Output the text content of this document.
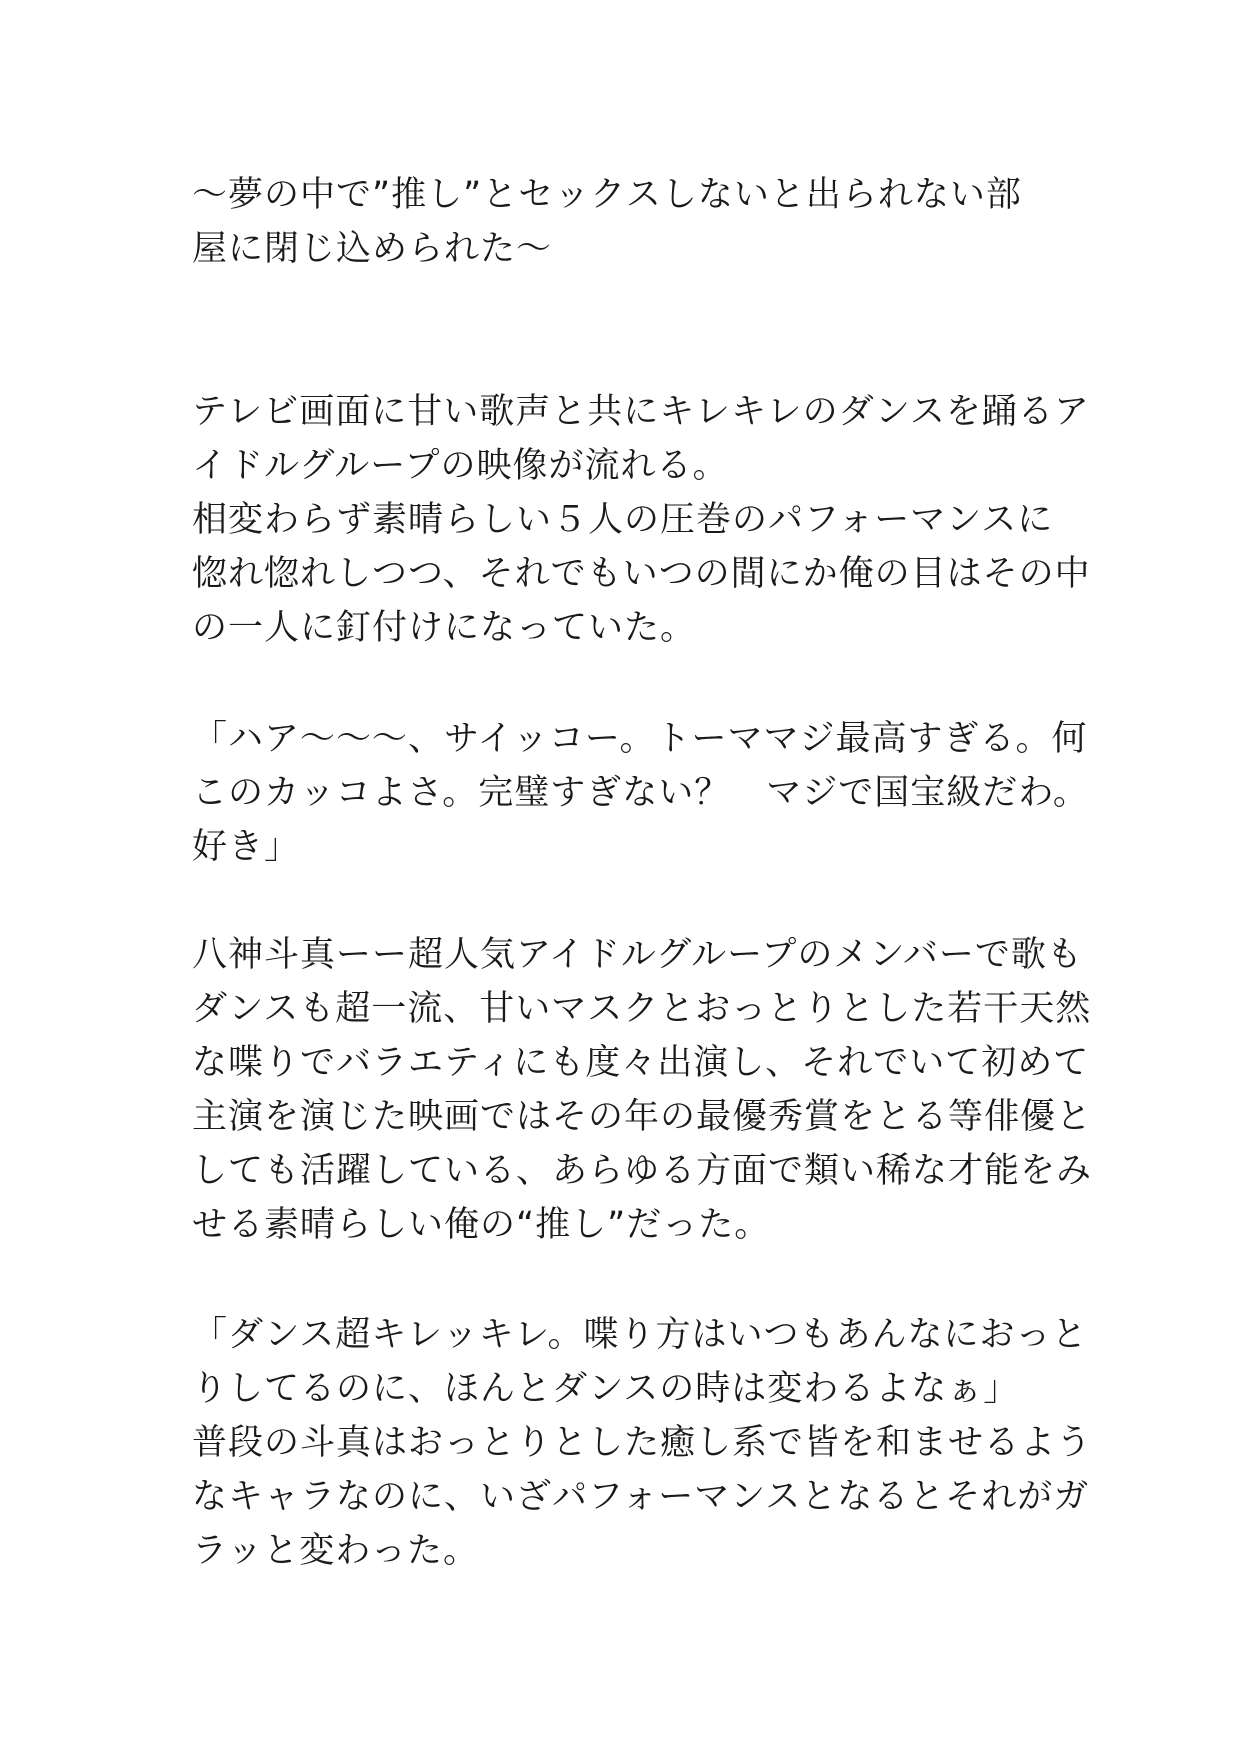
〜夢の中で”推し”とセックスしないと出られない部
屋に閉じ込められた〜
テレビ画面に甘い歌声と共にキレキレのダンスを踊るア
イドルグループの映像が流れる。
相変わらず素晴らしい５人の圧巻のパフォーマンスに
惚れ惚れしつつ、それでもいつの間にか俺の目はその中
の一人に釘付けになっていた。
「ハア〜〜〜、サイッコー。トーママジ最高すぎる。何
このカッコよさ。完璧すぎない？　マジで国宝級だわ。
好き」
八神斗真ーー超人気アイドルグループのメンバーで歌も
ダンスも超一流、甘いマスクとおっとりとした若干天然
な喋りでバラエティにも度々出演し、それでいて初めて
主演を演じた映画ではその年の最優秀賞をとる等俳優と
しても活躍している、あらゆる方面で類い稀な才能をみ
せる素晴らしい俺の“推し”だった。
「ダンス超キレッキレ。喋り方はいつもあんなにおっと
りしてるのに、ほんとダンスの時は変わるよなぁ」
普段の斗真はおっとりとした癒し系で皆を和ませるよう
なキャラなのに、いざパフォーマンスとなるとそれがガ
ラッと変わった。
